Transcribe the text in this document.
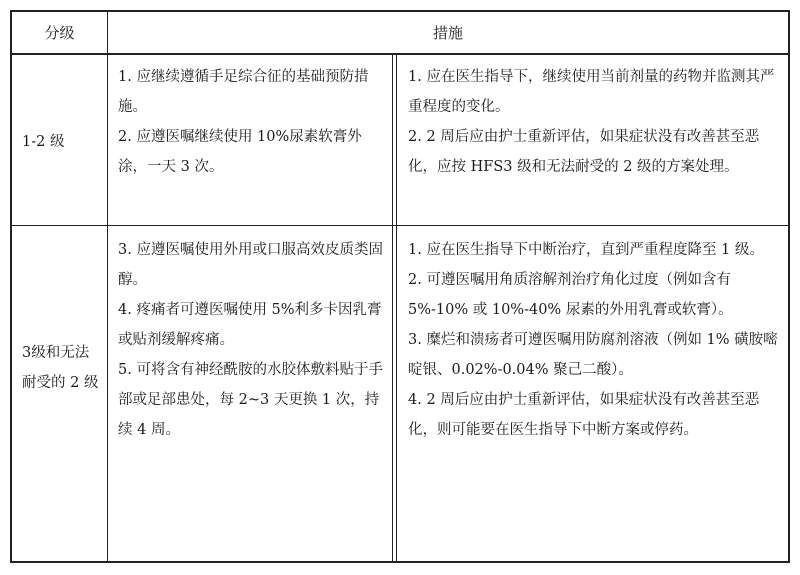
分级	措施

1-2 级

1. 应继续遵循手足综合征的基础预防措施。

2. 应遵医嘱继续使用 10%尿素软膏外涂，一天 3 次。

1. 应在医生指导下，继续使用当前剂量的药物并监测其严重程度的变化。

2. 2 周后应由护士重新评估，如果症状没有改善甚至恶化，应按 HFS3 级和无法耐受的 2 级的方案处理。

3级和无法耐受的 2 级

3. 应遵医嘱使用外用或口服高效皮质类固醇。

4. 疼痛者可遵医嘱使用 5%利多卡因乳膏或贴剂缓解疼痛。

5. 可将含有神经酰胺的水胶体敷料贴于手部或足部患处，每 2~3 天更换 1 次，持续 4 周。

1. 应在医生指导下中断治疗，直到严重程度降至 1 级。

2. 可遵医嘱用角质溶解剂治疗角化过度（例如含有 5%-10% 或 10%-40% 尿素的外用乳膏或软膏）。

3. 糜烂和溃疡者可遵医嘱用防腐剂溶液（例如 1% 磺胺嘧啶银、0.02%-0.04% 聚己二酸）。

4. 2 周后应由护士重新评估，如果症状没有改善甚至恶化，则可能要在医生指导下中断方案或停药。
